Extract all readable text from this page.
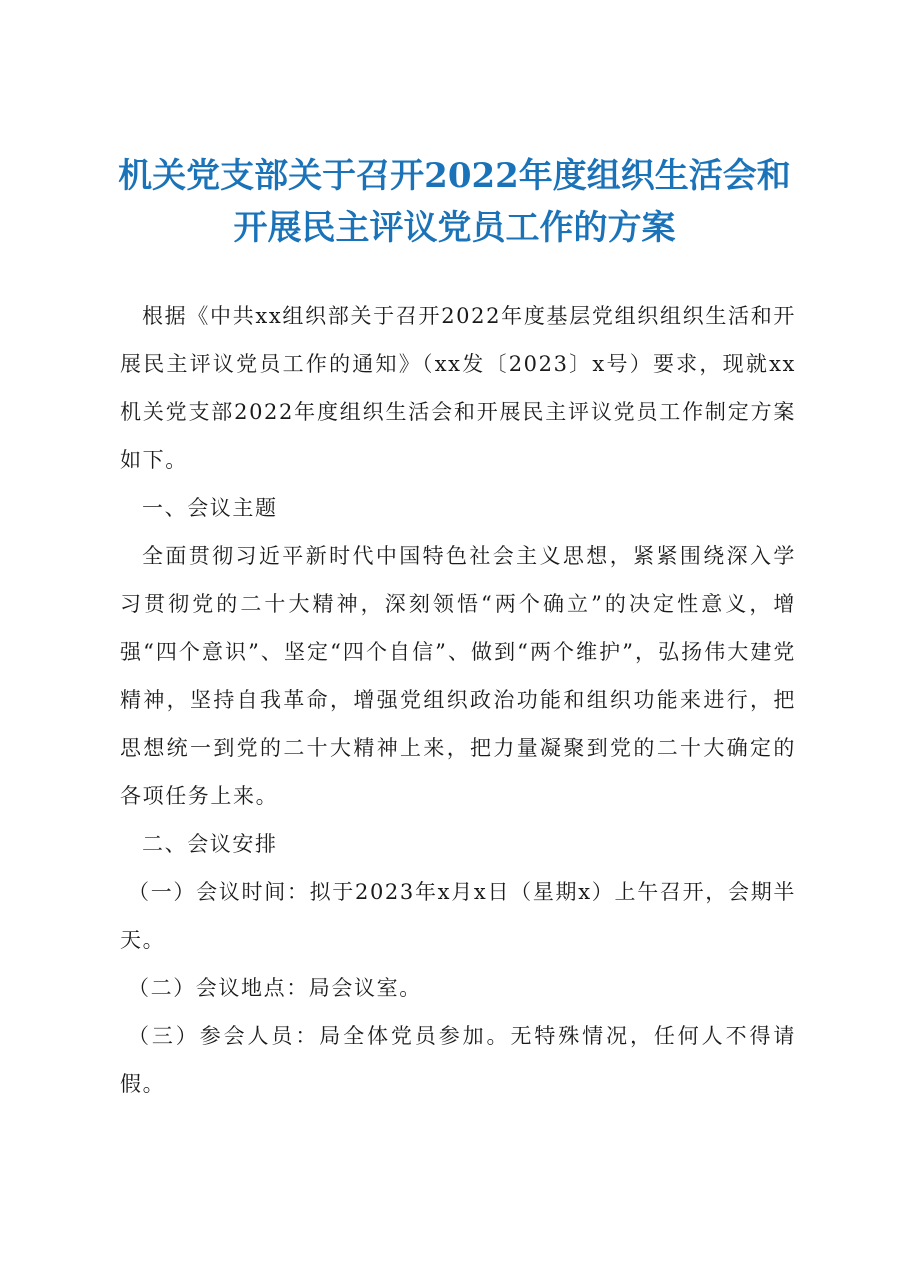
机关党支部关于召开2022年度组织生活会和
开展民主评议党员工作的方案

根据《中共xx组织部关于召开2022年度基层党组织组织生活和开展民主评议党员工作的通知》（xx发〔2023〕x号）要求，现就xx机关党支部2022年度组织生活会和开展民主评议党员工作制定方案如下。

一、会议主题

全面贯彻习近平新时代中国特色社会主义思想，紧紧围绕深入学习贯彻党的二十大精神，深刻领悟“两个确立”的决定性意义，增强“四个意识”、坚定“四个自信”、做到“两个维护”，弘扬伟大建党精神，坚持自我革命，增强党组织政治功能和组织功能来进行，把思想统一到党的二十大精神上来，把力量凝聚到党的二十大确定的各项任务上来。

二、会议安排

（一）会议时间：拟于2023年x月x日（星期x）上午召开，会期半天。

（二）会议地点：局会议室。

（三）参会人员：局全体党员参加。无特殊情况，任何人不得请假。
